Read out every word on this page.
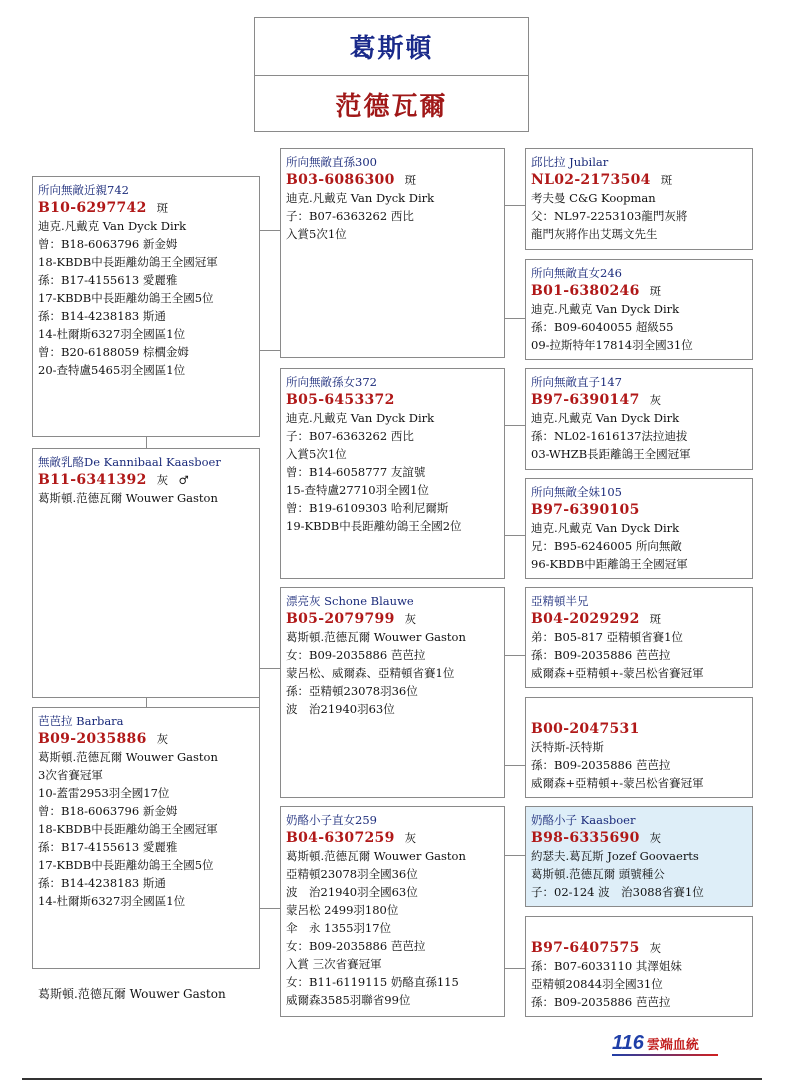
葛斯頓
范德瓦爾
所向無敵近親742
B10-6297742 斑
迪克.凡戴克 Van Dyck Dirk
曾：B18-6063796 新金姆
18-KBDB中長距離幼鴿王全國冠軍
孫：B17-4155613 愛麗雅
17-KBDB中長距離幼鴿王全國5位
孫：B14-4238183 斯通
14-杜爾斯6327羽全國區1位
曾：B20-6188059 棕櫚金姆
20-查特盧5465羽全國區1位
無敵乳酪De Kannibaal Kaasboer
B11-6341392 灰 ♂
葛斯頓.范德瓦爾 Wouwer Gaston
芭芭拉 Barbara
B09-2035886 灰
葛斯頓.范德瓦爾 Wouwer Gaston
3次省賽冠軍
10-蓋雷2953羽全國17位
曾：B18-6063796 新金姆
18-KBDB中長距離幼鴿王全國冠軍
孫：B17-4155613 愛麗雅
17-KBDB中長距離幼鴿王全國5位
孫：B14-4238183 斯通
14-杜爾斯6327羽全國區1位
所向無敵直孫300
B03-6086300 斑
迪克.凡戴克 Van Dyck Dirk
子：B07-6363262 西比
入賞5次1位
所向無敵孫女372
B05-6453372
迪克.凡戴克 Van Dyck Dirk
子：B07-6363262 西比
入賞5次1位
曾：B14-6058777 友誼號
15-查特盧27710羽全國1位
曾：B19-6109303 哈利尼爾斯
19-KBDB中長距離幼鴿王全國2位
漂亮灰 Schone Blauwe
B05-2079799 灰
葛斯頓.范德瓦爾 Wouwer Gaston
女：B09-2035886 芭芭拉
蒙呂松、威爾森、亞精頓省賽1位
孫：亞精頓23078羽36位
波　治21940羽63位
奶酪小子直女259
B04-6307259 灰
葛斯頓.范德瓦爾 Wouwer Gaston
亞精頓23078羽全國36位
波　治21940羽全國63位
蒙呂松 2499羽180位
伞　永 1355羽17位
女：B09-2035886 芭芭拉
入賞 三次省賽冠軍
女：B11-6119115 奶酪直孫115
威爾森3585羽聯省99位
邱比拉 Jubilar
NL02-2173504 斑
考夫曼 C&G Koopman
父：NL97-2253103龍門灰將
龍門灰將作出艾瑪文先生
所向無敵直女246
B01-6380246 斑
迪克.凡戴克 Van Dyck Dirk
孫：B09-6040055 超級55
09-拉斯特年17814羽全國31位
所向無敵直子147
B97-6390147 灰
迪克.凡戴克 Van Dyck Dirk
孫：NL02-1616137法拉迪拔
03-WHZB長距離鴿王全國冠軍
所向無敵全妹105
B97-6390105
迪克.凡戴克 Van Dyck Dirk
兄：B95-6246005 所向無敵
96-KBDB中距離鴿王全國冠軍
亞精頓半兄
B04-2029292 斑
弟：B05-817 亞精頓省賽1位
孫：B09-2035886 芭芭拉
威爾森+亞精頓+-蒙呂松省賽冠軍
B00-2047531
沃特斯-沃特斯
孫：B09-2035886 芭芭拉
威爾森+亞精頓+-蒙呂松省賽冠軍
奶酪小子 Kaasboer
B98-6335690 灰
約瑟夫.葛瓦斯 Jozef Goovaerts
葛斯頓.范德瓦爾 頭號種公
子：02-124 波　治3088省賽1位
B97-6407575 灰
孫：B07-6033110 其澤姐妹
亞精頓20844羽全國31位
孫：B09-2035886 芭芭拉
葛斯頓.范德瓦爾 Wouwer Gaston
116 雲端血統
